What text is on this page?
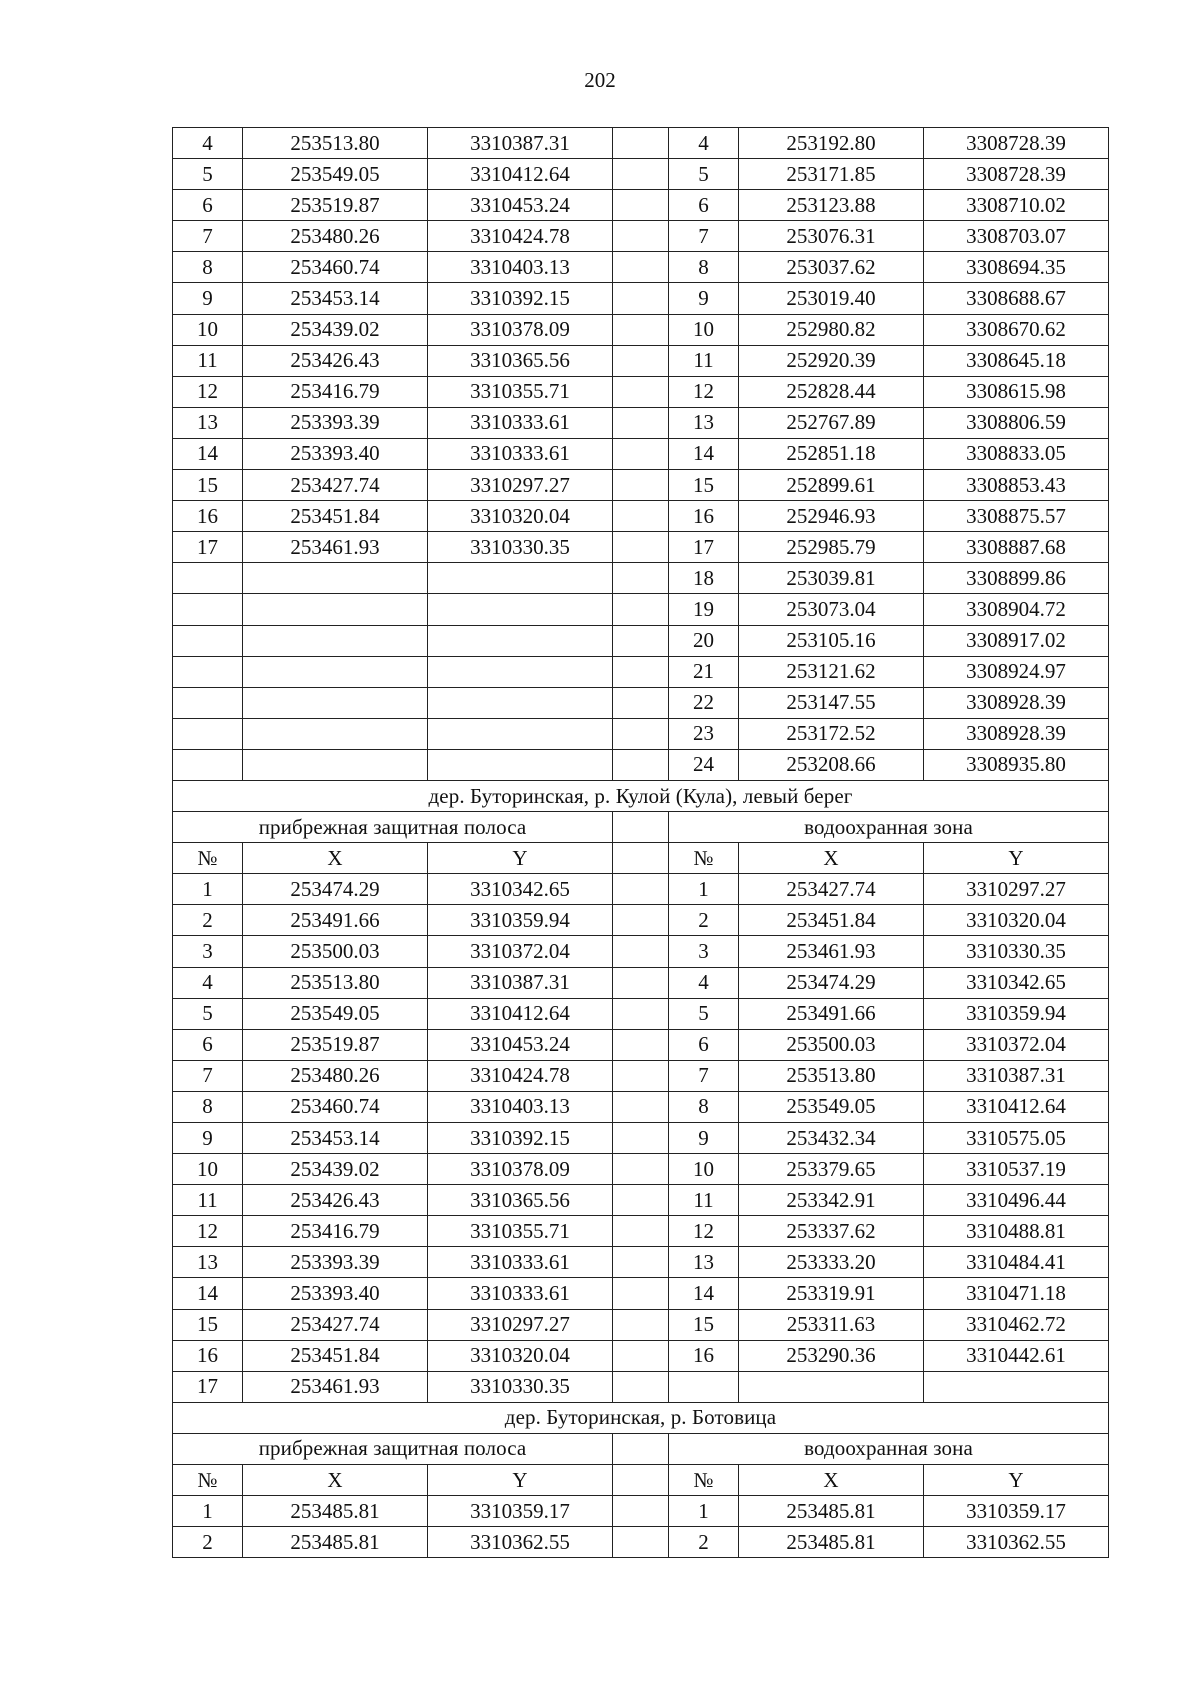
202
4	253513.80	3310387.31		4	253192.80	3308728.39
5	253549.05	3310412.64		5	253171.85	3308728.39
6	253519.87	3310453.24		6	253123.88	3308710.02
7	253480.26	3310424.78		7	253076.31	3308703.07
8	253460.74	3310403.13		8	253037.62	3308694.35
9	253453.14	3310392.15		9	253019.40	3308688.67
10	253439.02	3310378.09		10	252980.82	3308670.62
11	253426.43	3310365.56		11	252920.39	3308645.18
12	253416.79	3310355.71		12	252828.44	3308615.98
13	253393.39	3310333.61		13	252767.89	3308806.59
14	253393.40	3310333.61		14	252851.18	3308833.05
15	253427.74	3310297.27		15	252899.61	3308853.43
16	253451.84	3310320.04		16	252946.93	3308875.57
17	253461.93	3310330.35		17	252985.79	3308887.68
				18	253039.81	3308899.86
				19	253073.04	3308904.72
				20	253105.16	3308917.02
				21	253121.62	3308924.97
				22	253147.55	3308928.39
				23	253172.52	3308928.39
				24	253208.66	3308935.80
дер. Буторинская, р. Кулой (Кула), левый берег						
прибрежная защитная полоса				водоохранная зона		
№	X	Y		№	X	Y
1	253474.29	3310342.65		1	253427.74	3310297.27
2	253491.66	3310359.94		2	253451.84	3310320.04
3	253500.03	3310372.04		3	253461.93	3310330.35
4	253513.80	3310387.31		4	253474.29	3310342.65
5	253549.05	3310412.64		5	253491.66	3310359.94
6	253519.87	3310453.24		6	253500.03	3310372.04
7	253480.26	3310424.78		7	253513.80	3310387.31
8	253460.74	3310403.13		8	253549.05	3310412.64
9	253453.14	3310392.15		9	253432.34	3310575.05
10	253439.02	3310378.09		10	253379.65	3310537.19
11	253426.43	3310365.56		11	253342.91	3310496.44
12	253416.79	3310355.71		12	253337.62	3310488.81
13	253393.39	3310333.61		13	253333.20	3310484.41
14	253393.40	3310333.61		14	253319.91	3310471.18
15	253427.74	3310297.27		15	253311.63	3310462.72
16	253451.84	3310320.04		16	253290.36	3310442.61
17	253461.93	3310330.35				
дер. Буторинская, р. Ботовица						
прибрежная защитная полоса				водоохранная зона		
№	X	Y		№	X	Y
1	253485.81	3310359.17		1	253485.81	3310359.17
2	253485.81	3310362.55		2	253485.81	3310362.55
